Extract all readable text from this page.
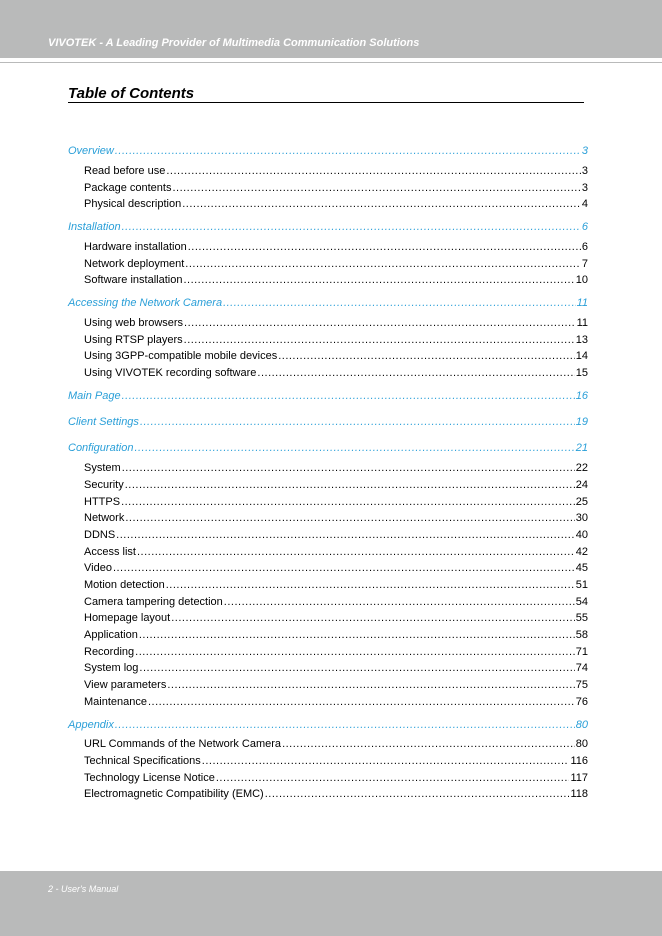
VIVOTEK - A Leading Provider of Multimedia Communication Solutions
Table of Contents
Overview .....	3
Read before use .....	3
Package contents .....	3
Physical description .....	4
Installation .....	6
Hardware installation .....	6
Network deployment .....	7
Software installation .....	10
Accessing the Network Camera .....	11
Using web browsers .....	11
Using RTSP players .....	13
Using 3GPP-compatible mobile devices .....	14
Using VIVOTEK recording software .....	15
Main Page .....	16
Client Settings .....	19
Configuration .....	21
System .....	22
Security .....	24
HTTPS .....	25
Network .....	30
DDNS .....	40
Access list .....	42
Video .....	45
Motion detection .....	51
Camera tampering detection .....	54
Homepage layout .....	55
Application .....	58
Recording .....	71
System log .....	74
View parameters .....	75
Maintenance .....	76
Appendix .....	80
URL Commands of the Network Camera .....	80
Technical Specifications .....	116
Technology License Notice .....	117
Electromagnetic Compatibility (EMC) .....	118
2 - User's Manual
